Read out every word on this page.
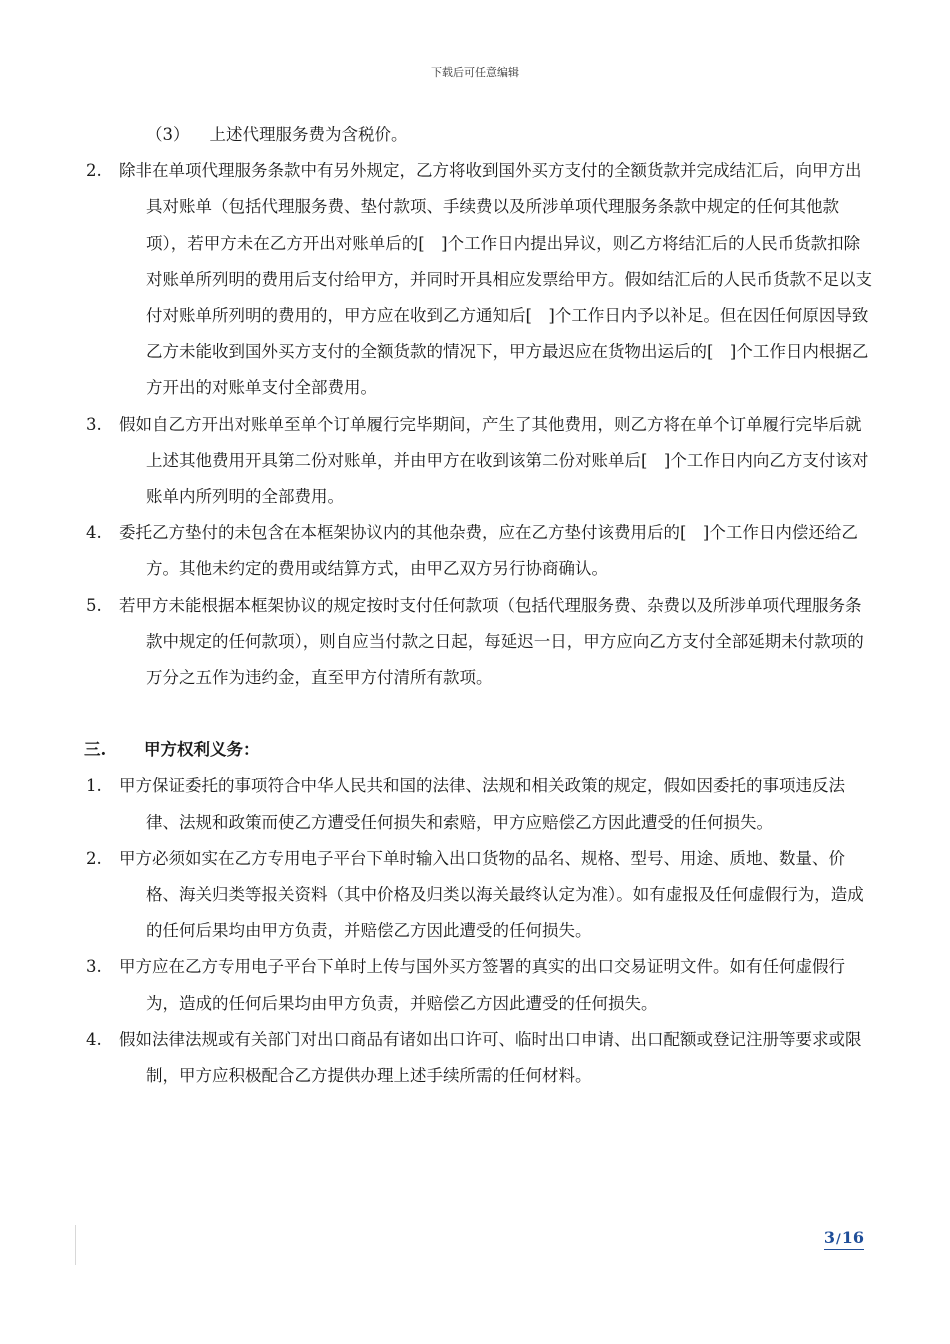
下载后可任意编辑
（3） 上述代理服务费为含税价。
2. 除非在单项代理服务条款中有另外规定，乙方将收到国外买方支付的全额货款并完成结汇后，向甲方出具对账单（包括代理服务费、垫付款项、手续费以及所涉单项代理服务条款中规定的任何其他款项），若甲方未在乙方开出对账单后的[　]个工作日内提出异议，则乙方将结汇后的人民币货款扣除对账单所列明的费用后支付给甲方，并同时开具相应发票给甲方。假如结汇后的人民币货款不足以支付对账单所列明的费用的，甲方应在收到乙方通知后[　]个工作日内予以补足。但在因任何原因导致乙方未能收到国外买方支付的全额货款的情况下，甲方最迟应在货物出运后的[　]个工作日内根据乙方开出的对账单支付全部费用。
3. 假如自乙方开出对账单至单个订单履行完毕期间，产生了其他费用，则乙方将在单个订单履行完毕后就上述其他费用开具第二份对账单，并由甲方在收到该第二份对账单后[　]个工作日内向乙方支付该对账单内所列明的全部费用。
4. 委托乙方垫付的未包含在本框架协议内的其他杂费，应在乙方垫付该费用后的[　]个工作日内偿还给乙方。其他未约定的费用或结算方式，由甲乙双方另行协商确认。
5. 若甲方未能根据本框架协议的规定按时支付任何款项（包括代理服务费、杂费以及所涉单项代理服务条款中规定的任何款项），则自应当付款之日起，每延迟一日，甲方应向乙方支付全部延期未付款项的万分之五作为违约金，直至甲方付清所有款项。
三. 甲方权利义务：
1. 甲方保证委托的事项符合中华人民共和国的法律、法规和相关政策的规定，假如因委托的事项违反法律、法规和政策而使乙方遭受任何损失和索赔，甲方应赔偿乙方因此遭受的任何损失。
2. 甲方必须如实在乙方专用电子平台下单时输入出口货物的品名、规格、型号、用途、质地、数量、价格、海关归类等报关资料（其中价格及归类以海关最终认定为准）。如有虚报及任何虚假行为，造成的任何后果均由甲方负责，并赔偿乙方因此遭受的任何损失。
3. 甲方应在乙方专用电子平台下单时上传与国外买方签署的真实的出口交易证明文件。如有任何虚假行为，造成的任何后果均由甲方负责，并赔偿乙方因此遭受的任何损失。
4. 假如法律法规或有关部门对出口商品有诸如出口许可、临时出口申请、出口配额或登记注册等要求或限制，甲方应积极配合乙方提供办理上述手续所需的任何材料。
3/16
